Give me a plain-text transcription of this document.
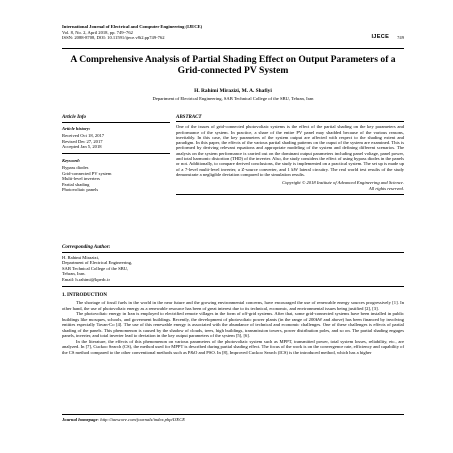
International Journal of Electrical and Computer Engineering (IJECE)
Vol. 8, No. 2, April 2018, pp. 749~762
ISSN: 2088-8708, DOI: 10.11591/ijece.v8i2.pp749-762	IJECE 749
A Comprehensive Analysis of Partial Shading Effect on Output Parameters of a Grid-connected PV System
H. Rahimi Mirazizi, M. A. Shafiyi
Department of Electrical Engineering, SAB Technical College of the SBU, Tehran, Iran
Article Info
Article history:
Received Oct 18, 2017
Revised Dec 27, 2017
Accepted Jan 5, 2018
Keyword:
Bypass diodes
Grid-connected PV system
Multi-level inverters
Partial shading
Photovoltaic panels
ABSTRACT
One of the issues of grid-connected photovoltaic systems is the effect of the partial shading on the key parameters and performance of the system. In practice, a share of the entire PV panel may shadded because of the various reasons, inevitably. In this case, the key parameters of the system output are affected with respect to the shading extent and paradigm. In this paper, the effects of the various partial shading patterns on the ouput of the system are examined. This is performed by deriving relevant equations and appropriate modeling of the system and defining different scenarios. The analysis on the system performance is carried out on the dominant output parameters including panel voltage, panel power, and total harmonic distortion (THD) of the inverter. Also, the study considers the effect of using bypass diodes in the panels or not. Additionally, to compare derived conclusions, the study is implemented on a practical system. The set up is made up of a 7-level multi-level inverter, a Z-source converter, and 1 kW lateral circuitry. The real world test results of the study demonstrate a negligible deviation compared to the simulation results.
Copyright © 2018 Institute of Advanced Engineering and Science.
All rights reserved.
Corresponding Author:
H. Rahimi Mirazizi,
Department of Electrical Engineering,
SAB Technical College of the SBU,
Tehran, Iran.
Email: h.rahimi@kpedc.ir
1. INTRODUCTION

The shortage of fossil fuels in the world in the near future and the growing environmental concerns, have encouraged the use of renewable energy sources progressively [1]. In other hand, the use of photovoltaic energy as a renewable resource has been of great interest due to its technical, economic, and environmental issues being justified [2], [3].

The photovoltaic energy in Iran is employed to electrified remote villages in the form of off-grid systems. After that, some grid-connected systems have been installed in public buildings like mosques, schools, and goverment buildings. Recently, the development of photovoltaic power plants (in the range of 200kW and above) has been financed by involving entities especially Tavan-Co [4]. The use of this renewable energy is associated with the abundance of technical and economic challenges. One of these challenges is effects of partial shading of the panels. This phenomenon is caused by the shadow of clouds, trees, high buildings, transmission towers, power distribution poles, and so on. The partial shading engages panels, inverter, and total inverter lead to deviation in the key output parameters of the system [5], [6].

In the literature, the effects of this phenomenon on various parameters of the photovoltaic system such as MPPT, transmitted power, total system losses, reliability, etc., are analyzed. In [7], Cuckoo Search (CS), the method used for MPPT is described during partial shading effect. The focus of the work is on the convergence rate, efficiency and capability of the CS method compared to the other conventional methods such as P&O and PSO. In [8], Improved Cuckoo Search (ICS) is the introduced method, which has a higher

Journal homepage: http://iaescore.com/journals/index.php/IJECE
